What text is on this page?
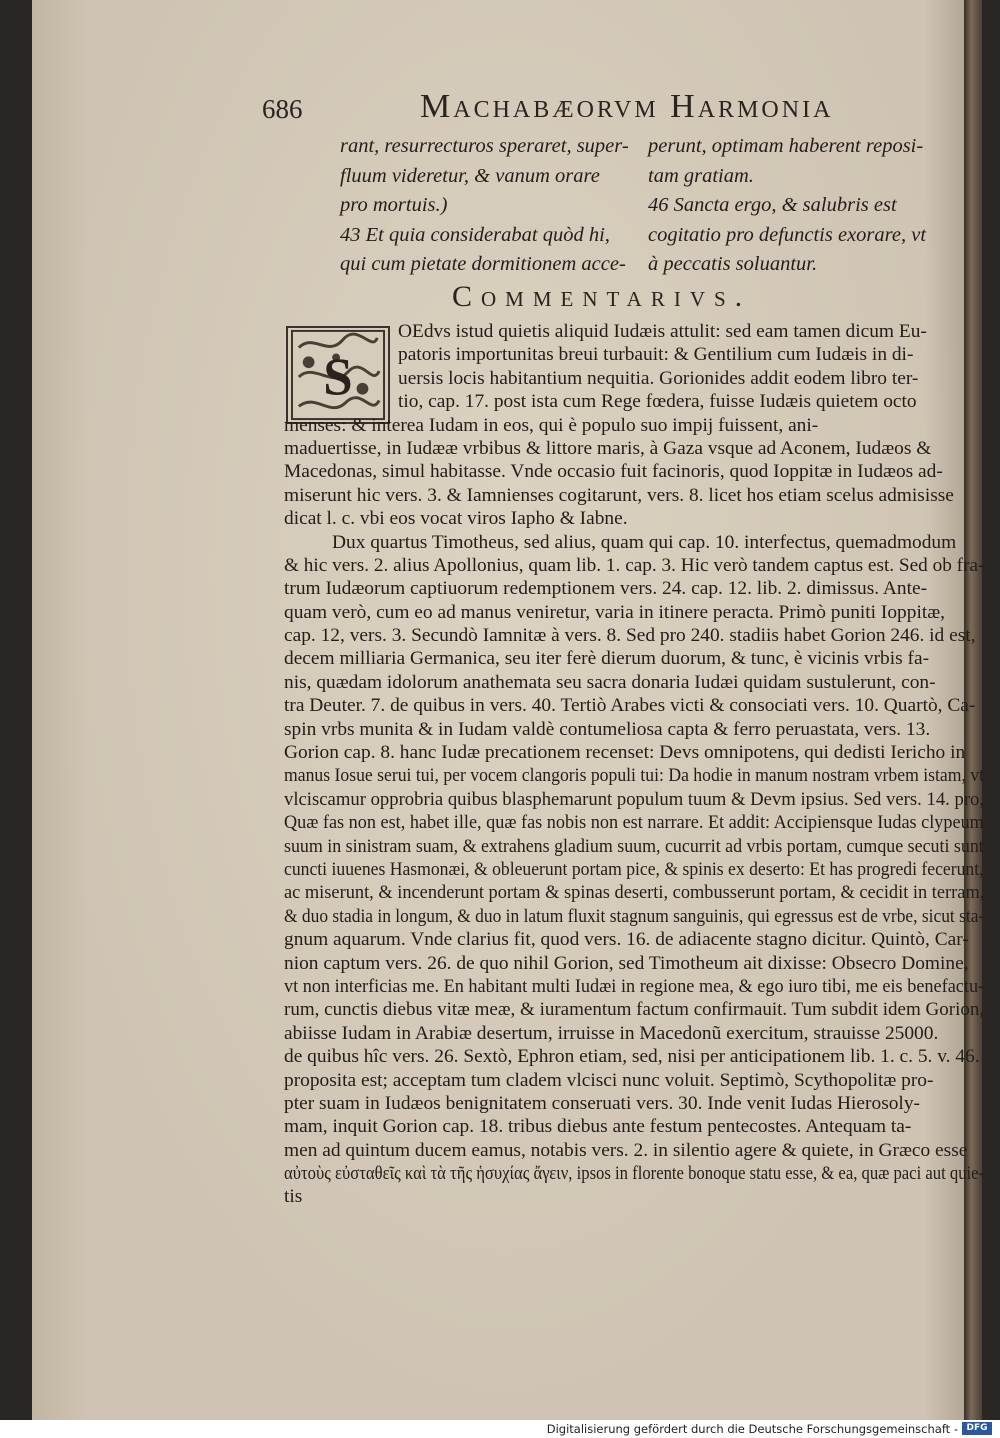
686	Machabæorvm Harmonia
rant, resurrecturos speraret, super-
fluum videretur, & vanum orare
pro mortuis.)
43 Et quia considerabat quòd hi,
qui cum pietate dormitionem acce-
perunt, optimam haberent reposi-
tam gratiam.
46 Sancta ergo, & salubris est
cogitatio pro defunctis exorare, vt
à peccatis soluantur.
Commentarivs.
S
OEdvs istud quietis aliquid Iudæis attulit: sed eam tamen dicum Eu-
patoris importunitas breui turbauit: & Gentilium cum Iudæis in di-
uersis locis habitantium nequitia. Gorionides addit eodem libro ter-
tio, cap. 17. post ista cum Rege fœdera, fuisse Iudæis quietem octo
menses: & interea Iudam in eos, qui è populo suo impij fuissent, ani-
maduertisse, in Iudææ vrbibus & littore maris, à Gaza vsque ad Aconem, Iudæos &
Macedonas, simul habitasse. Vnde occasio fuit facinoris, quod Ioppitæ in Iudæos ad-
miserunt hic vers. 3. & Iamnienses cogitarunt, vers. 8. licet hos etiam scelus admisisse
dicat l. c. vbi eos vocat viros Iapho & Iabne.
Dux quartus Timotheus, sed alius, quam qui cap. 10. interfectus, quemadmodum
& hic vers. 2. alius Apollonius, quam lib. 1. cap. 3. Hic verò tandem captus est. Sed ob fra-
trum Iudæorum captiuorum redemptionem vers. 24. cap. 12. lib. 2. dimissus. Ante-
quam verò, cum eo ad manus veniretur, varia in itinere peracta. Primò puniti Ioppitæ,
cap. 12, vers. 3. Secundò Iamnitæ à vers. 8. Sed pro 240. stadiis habet Gorion 246. id est,
decem milliaria Germanica, seu iter ferè dierum duorum, & tunc, è vicinis vrbis fa-
nis, quædam idolorum anathemata seu sacra donaria Iudæi quidam sustulerunt, con-
tra Deuter. 7. de quibus in vers. 40. Tertiò Arabes victi & consociati vers. 10. Quartò, Ca-
spin vrbs munita & in Iudam valdè contumeliosa capta & ferro peruastata, vers. 13.
Gorion cap. 8. hanc Iudæ precationem recenset: Devs omnipotens, qui dedisti Iericho in
manus Iosue serui tui, per vocem clangoris populi tui: Da hodie in manum nostram vrbem istam, vt
vlciscamur opprobria quibus blasphemarunt populum tuum & Devm ipsius. Sed vers. 14. pro,
Quæ fas non est, habet ille, quæ fas nobis non est narrare. Et addit: Accipiensque Iudas clypeum
suum in sinistram suam, & extrahens gladium suum, cucurrit ad vrbis portam, cumque secuti sunt
cuncti iuuenes Hasmonæi, & obleuerunt portam pice, & spinis ex deserto: Et has progredi fecerunt,
ac miserunt, & incenderunt portam & spinas deserti, combusserunt portam, & cecidit in terram,
& duo stadia in longum, & duo in latum fluxit stagnum sanguinis, qui egressus est de vrbe, sicut sta-
gnum aquarum. Vnde clarius fit, quod vers. 16. de adiacente stagno dicitur. Quintò, Car-
nion captum vers. 26. de quo nihil Gorion, sed Timotheum ait dixisse: Obsecro Domine,
vt non interficias me. En habitant multi Iudæi in regione mea, & ego iuro tibi, me eis benefactu-
rum, cunctis diebus vitæ meæ, & iuramentum factum confirmauit. Tum subdit idem Gorion,
abiisse Iudam in Arabiæ desertum, irruisse in Macedonũ exercitum, strauisse 25000.
de quibus hîc vers. 26. Sextò, Ephron etiam, sed, nisi per anticipationem lib. 1. c. 5. v. 46.
proposita est; acceptam tum cladem vlcisci nunc voluit. Septimò, Scythopolitæ pro-
pter suam in Iudæos benignitatem conseruati vers. 30. Inde venit Iudas Hierosoly-
mam, inquit Gorion cap. 18. tribus diebus ante festum pentecostes. Antequam ta-
men ad quintum ducem eamus, notabis vers. 2. in silentio agere & quiete, in Græco esse
αὐτοὺς εὐσταθεῖς καὶ τὰ τῆς ἡσυχίας ἄγειν, ipsos in florente bonoque statu esse, & ea, quæ paci aut quie-
tis
Digitalisierung gefördert durch die Deutsche Forschungsgemeinschaft - DFG
